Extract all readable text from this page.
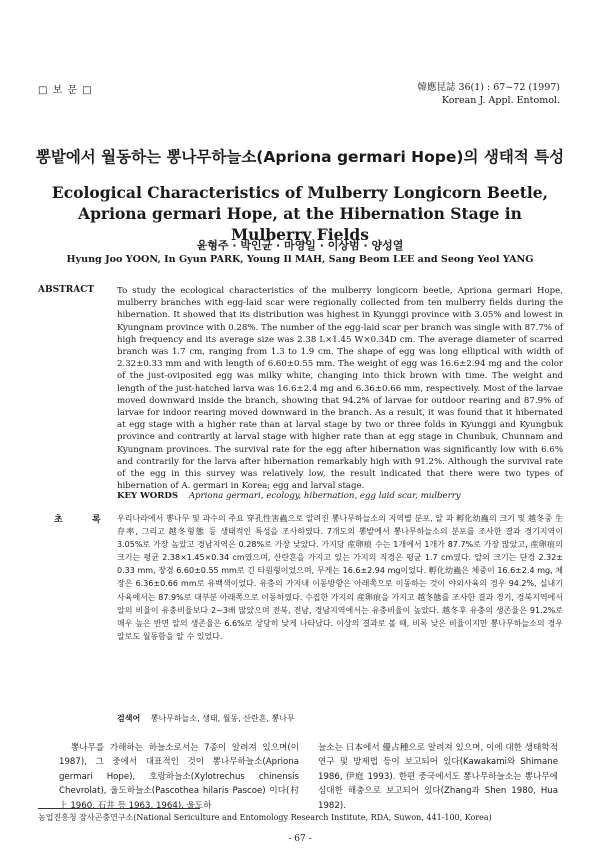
□ 보 문 □	韓應昆誌 36(1) : 67~72 (1997)
Korean J. Appl. Entomol.
뽕밭에서 월동하는 뽕나무하늘소(Apriona germari Hope)의 생태적 특성
Ecological Characteristics of Mulberry Longicorn Beetle, Apriona germari Hope, at the Hibernation Stage in Mulberry Fields
윤형주 · 박인균 · 마영일 · 이상범 · 양성열
Hyung Joo YOON, In Gyun PARK, Young Il MAH, Sang Beom LEE and Seong Yeol YANG
ABSTRACT	To study the ecological characteristics of the mulberry longicorn beetle, Apriona germari Hope, mulberry branches with egg-laid scar were regionally collected from ten mulberry fields during the hibernation. It showed that its distribution was highest in Kyunggi province with 3.05% and lowest in Kyungnam province with 0.28%. The number of the egg-laid scar per branch was single with 87.7% of high frequency and its average size was 2.38 L×1.45 W×0.34D cm. The average diameter of scarred branch was 1.7 cm, ranging from 1.3 to 1.9 cm. The shape of egg was long elliptical with width of 2.32±0.33 mm and with length of 6.60±0.55 mm. The weight of egg was 16.6±2.94 mg and the color of the just-oviposited egg was milky white, changing into thick brown with time. The weight and length of the just-hatched larva was 16.6±2.4 mg and 6.36±0.66 mm, respectively. Most of the larvae moved downward inside the branch, showing that 94.2% of larvae for outdoor rearing and 87.9% of larvae for indoor rearing moved downward in the branch. As a result, it was found that it hibernated at egg stage with a higher rate than at larval stage by two or three folds in Kyunggi and Kyungbuk province and contrarily at larval stage with higher rate than at egg stage in Chunbuk, Chunnam and Kyungnam provinces. The survival rate for the egg after hibernation was significantly low with 6.6% and contrarily for the larva after hibernation remarkably high with 91.2%. Although the survival rate of the egg in this survey was relatively low, the result indicated that there were two types of hibernation of A. germari in Korea; egg and larval stage.
KEY WORDS Apriona germari, ecology, hibernation, egg laid scar, mulberry
초	록 우리나라에서 뽕나무 및 과수의 주요 穿孔性害蟲으로 알려진 뽕나무하늘소의 지역별 분포, 알 과 孵化幼蟲의 크기 및 越冬중 生存率, 그리고 越冬형態 등 생태적인 특성을 조사하였다. 7개도의 뽕밭에서 뽕나무하늘소의 분포를 조사한 결과 경기지역이 3.05%로 가장 높았고 경남지역은 0.28%로 가장 낮았다. 가지당 産卵痕 수는 1개에서 1개가 87.7%로 가장 많았고, 産卵痕의 크기는 평균 2.38×1.45×0.34 cm였으며, 산란흔을 가지고 있는 가지의 직경은 평균 1.7 cm였다. 알의 크기는 단경 2.32± 0.33 mm, 장경 6.60±0.55 mm로 긴 타원형이었으며, 무게는 16.6±2.94 mg이었다. 孵化幼蟲은 체중이 16.6±2.4 mg, 체장은 6.36±0.66 mm로 유백색이었다. 유충의 가지내 이동방향은 아래쪽으로 이동하는 것이 야외사육의 경우 94.2%, 실내기사육에서는 87.9%로 대부분 아래쪽으로 이동하였다. 수집한 가지의 産卵痕을 가지고 越冬態를 조사한 결과 경기, 경북지역에서 알의 비율이 유충비율보다 2~3배 많았으며 전북, 전남, 경남지역에서는 유충비율이 높았다. 越冬후 유충의 생존율은 91.2%로 매우 높은 반면 알의 생존율은 6.6%로 상당히 낮게 나타났다. 이상의 결과로 볼 때, 비록 낮은 비율이지만 뽕나무하늘소의 경우 알로도 월동함을 알 수 있었다.
검색어 뽕나무하늘소, 생태, 월동, 산란흔, 뽕나무
뽕나무를 가해하는 하늘소로서는 7종이 알려져 있으며(이 1987), 그 중에서 대표적인 것이 뽕나무하늘소(Apriona germari Hope), 호랑하늘소(Xylotrechus chinensis Chevrolat), 울도하늘소(Pascothea hilaris Pascoe) 이다(村上 1960, 石井 등 1963, 1964). 울도하
늘소는 日本에서 優占種으로 알려져 있으며, 이에 대한 생태학적 연구 및 방제법 등이 보고되어 있다(Kawakami와 Shimane 1986, 伊庭 1993). 한편 중국에서도 뽕나무하늘소는 뽕나무에 심대한 해충으로 보고되어 있다(Zhang과 Shen 1980, Hua 1982).
농업진흥청 잠사곤충연구소(National Sericulture and Entomology Research Institute, RDA, Suwon, 441-100, Korea)
- 67 -
